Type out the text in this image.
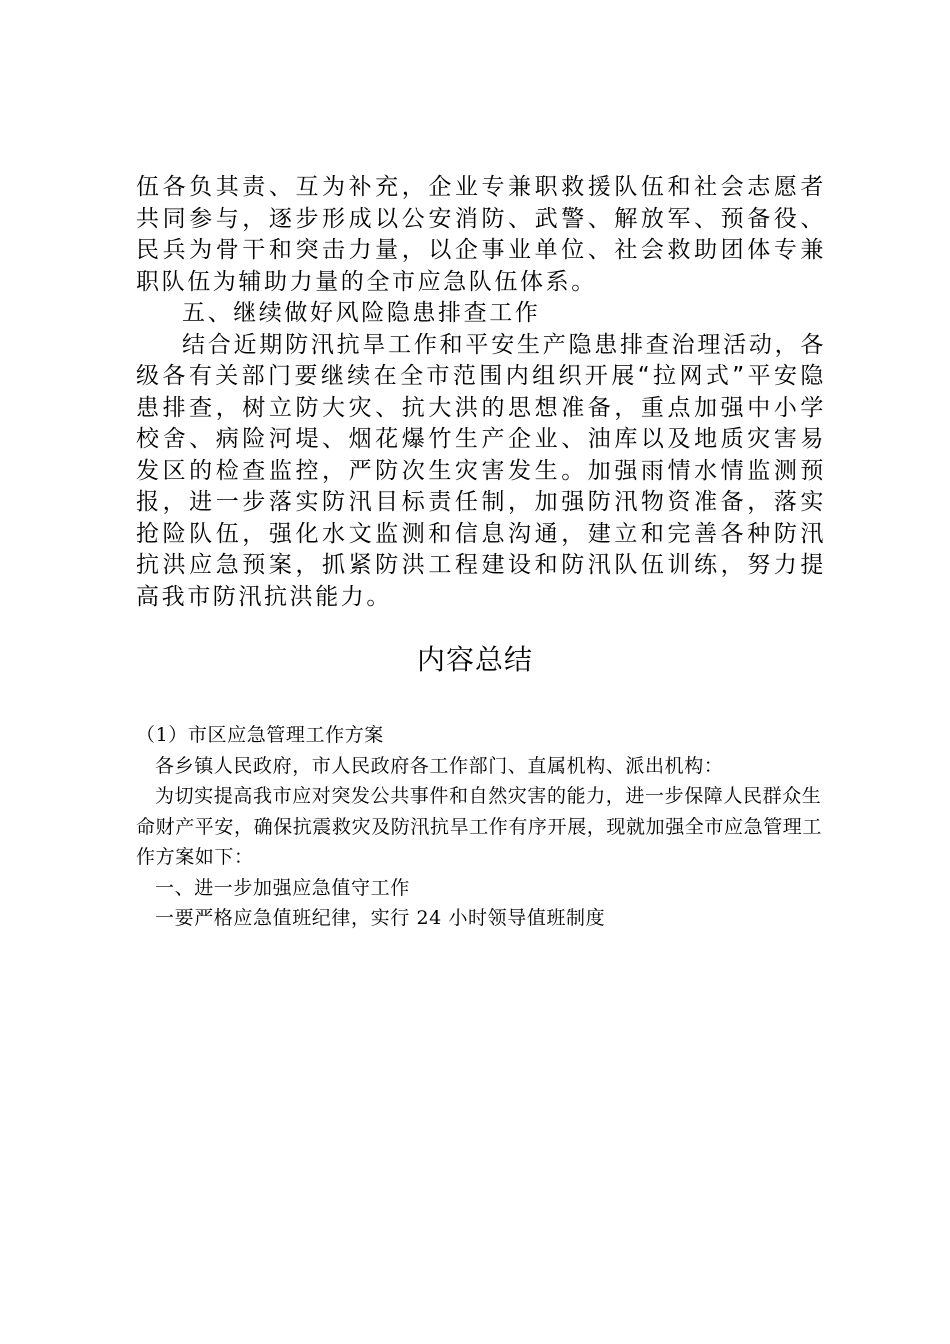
伍各负其责、互为补充，企业专兼职救援队伍和社会志愿者共同参与，逐步形成以公安消防、武警、解放军、预备役、民兵为骨干和突击力量，以企事业单位、社会救助团体专兼职队伍为辅助力量的全市应急队伍体系。

五、继续做好风险隐患排查工作

结合近期防汛抗旱工作和平安生产隐患排查治理活动，各级各有关部门要继续在全市范围内组织开展“拉网式”平安隐患排查，树立防大灾、抗大洪的思想准备，重点加强中小学校舍、病险河堤、烟花爆竹生产企业、油库以及地质灾害易发区的检查监控，严防次生灾害发生。加强雨情水情监测预报，进一步落实防汛目标责任制，加强防汛物资准备，落实抢险队伍，强化水文监测和信息沟通，建立和完善各种防汛抗洪应急预案，抓紧防洪工程建设和防汛队伍训练，努力提高我市防汛抗洪能力。

内容总结

（1）市区应急管理工作方案

各乡镇人民政府，市人民政府各工作部门、直属机构、派出机构：

为切实提高我市应对突发公共事件和自然灾害的能力，进一步保障人民群众生命财产平安，确保抗震救灾及防汛抗旱工作有序开展，现就加强全市应急管理工作方案如下：

一、进一步加强应急值守工作

一要严格应急值班纪律，实行 24 小时领导值班制度
